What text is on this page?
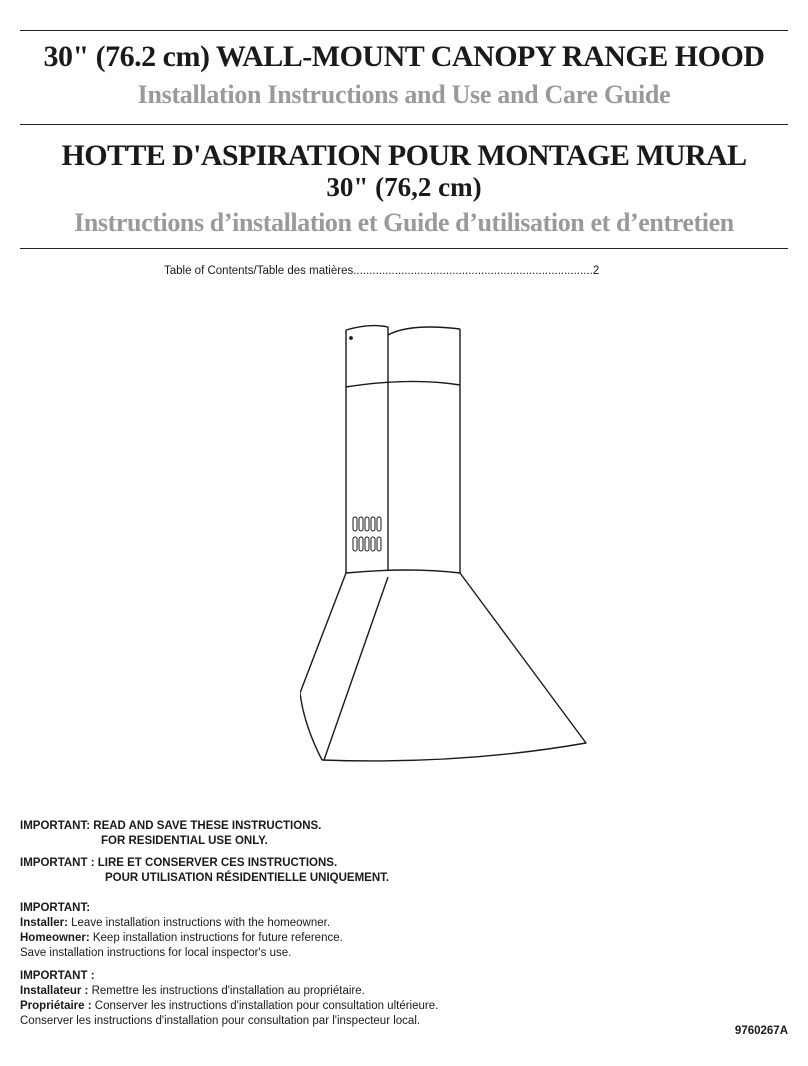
30" (76.2 cm) WALL-MOUNT CANOPY RANGE HOOD
Installation Instructions and Use and Care Guide
HOTTE D'ASPIRATION POUR MONTAGE MURAL
30" (76,2 cm)
Instructions d’installation et Guide d’utilisation et d’entretien
Table of Contents/Table des matières...........................................................................2
IMPORTANT: READ AND SAVE THESE INSTRUCTIONS.
FOR RESIDENTIAL USE ONLY.
IMPORTANT : LIRE ET CONSERVER CES INSTRUCTIONS.
POUR UTILISATION RÉSIDENTIELLE UNIQUEMENT.
IMPORTANT:
Installer: Leave installation instructions with the homeowner.
Homeowner: Keep installation instructions for future reference.
Save installation instructions for local inspector's use.
IMPORTANT :
Installateur : Remettre les instructions d'installation au propriétaire.
Propriétaire : Conserver les instructions d'installation pour consultation ultérieure.
Conserver les instructions d'installation pour consultation par l'inspecteur local.
9760267A
